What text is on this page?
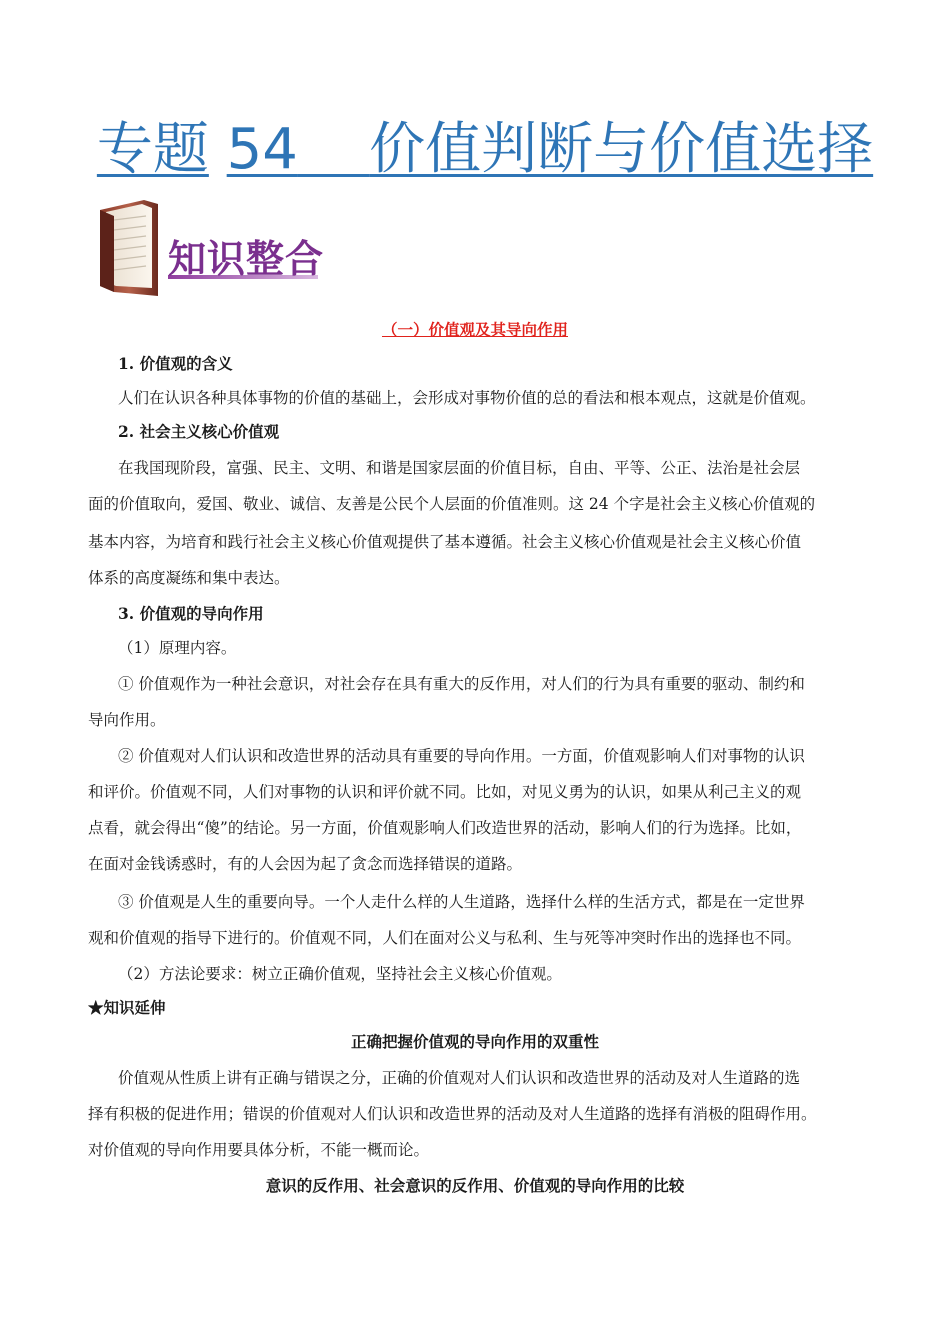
专题 54 价值判断与价值选择
知识整合
（一）价值观及其导向作用
1. 价值观的含义
人们在认识各种具体事物的价值的基础上，会形成对事物价值的总的看法和根本观点，这就是价值观。
2. 社会主义核心价值观
在我国现阶段，富强、民主、文明、和谐是国家层面的价值目标，自由、平等、公正、法治是社会层
面的价值取向，爱国、敬业、诚信、友善是公民个人层面的价值准则。这 24 个字是社会主义核心价值观的
基本内容，为培育和践行社会主义核心价值观提供了基本遵循。社会主义核心价值观是社会主义核心价值
体系的高度凝练和集中表达。
3. 价值观的导向作用
（1）原理内容。
① 价值观作为一种社会意识，对社会存在具有重大的反作用，对人们的行为具有重要的驱动、制约和
导向作用。
② 价值观对人们认识和改造世界的活动具有重要的导向作用。一方面，价值观影响人们对事物的认识
和评价。价值观不同，人们对事物的认识和评价就不同。比如，对见义勇为的认识，如果从利己主义的观
点看，就会得出“傻”的结论。另一方面，价值观影响人们改造世界的活动，影响人们的行为选择。比如，
在面对金钱诱惑时，有的人会因为起了贪念而选择错误的道路。
③ 价值观是人生的重要向导。一个人走什么样的人生道路，选择什么样的生活方式，都是在一定世界
观和价值观的指导下进行的。价值观不同，人们在面对公义与私利、生与死等冲突时作出的选择也不同。
（2）方法论要求：树立正确价值观，坚持社会主义核心价值观。
★知识延伸
正确把握价值观的导向作用的双重性
价值观从性质上讲有正确与错误之分，正确的价值观对人们认识和改造世界的活动及对人生道路的选
择有积极的促进作用；错误的价值观对人们认识和改造世界的活动及对人生道路的选择有消极的阻碍作用。
对价值观的导向作用要具体分析，不能一概而论。
意识的反作用、社会意识的反作用、价值观的导向作用的比较
